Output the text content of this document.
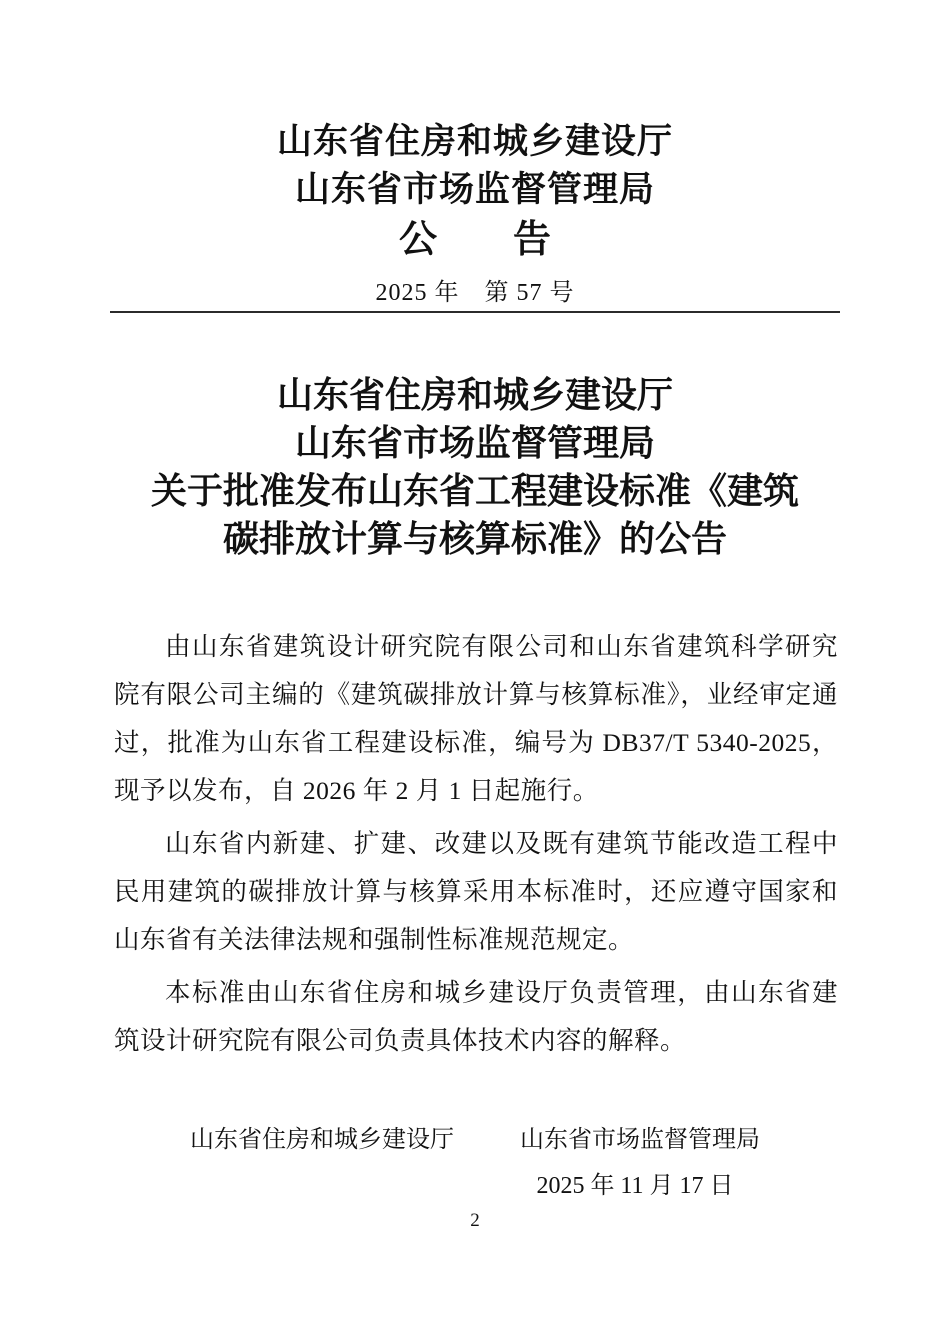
山东省住房和城乡建设厅
山东省市场监督管理局
公　　告
2025 年　第 57 号
山东省住房和城乡建设厅
山东省市场监督管理局
关于批准发布山东省工程建设标准《建筑
碳排放计算与核算标准》的公告

由山东省建筑设计研究院有限公司和山东省建筑科学研究院有限公司主编的《建筑碳排放计算与核算标准》，业经审定通过，批准为山东省工程建设标准，编号为 DB37/T 5340-2025，现予以发布，自 2026 年 2 月 1 日起施行。

山东省内新建、扩建、改建以及既有建筑节能改造工程中民用建筑的碳排放计算与核算采用本标准时，还应遵守国家和山东省有关法律法规和强制性标准规范规定。

本标准由山东省住房和城乡建设厅负责管理，由山东省建筑设计研究院有限公司负责具体技术内容的解释。

山东省住房和城乡建设厅	山东省市场监督管理局
2025 年 11 月 17 日
2
